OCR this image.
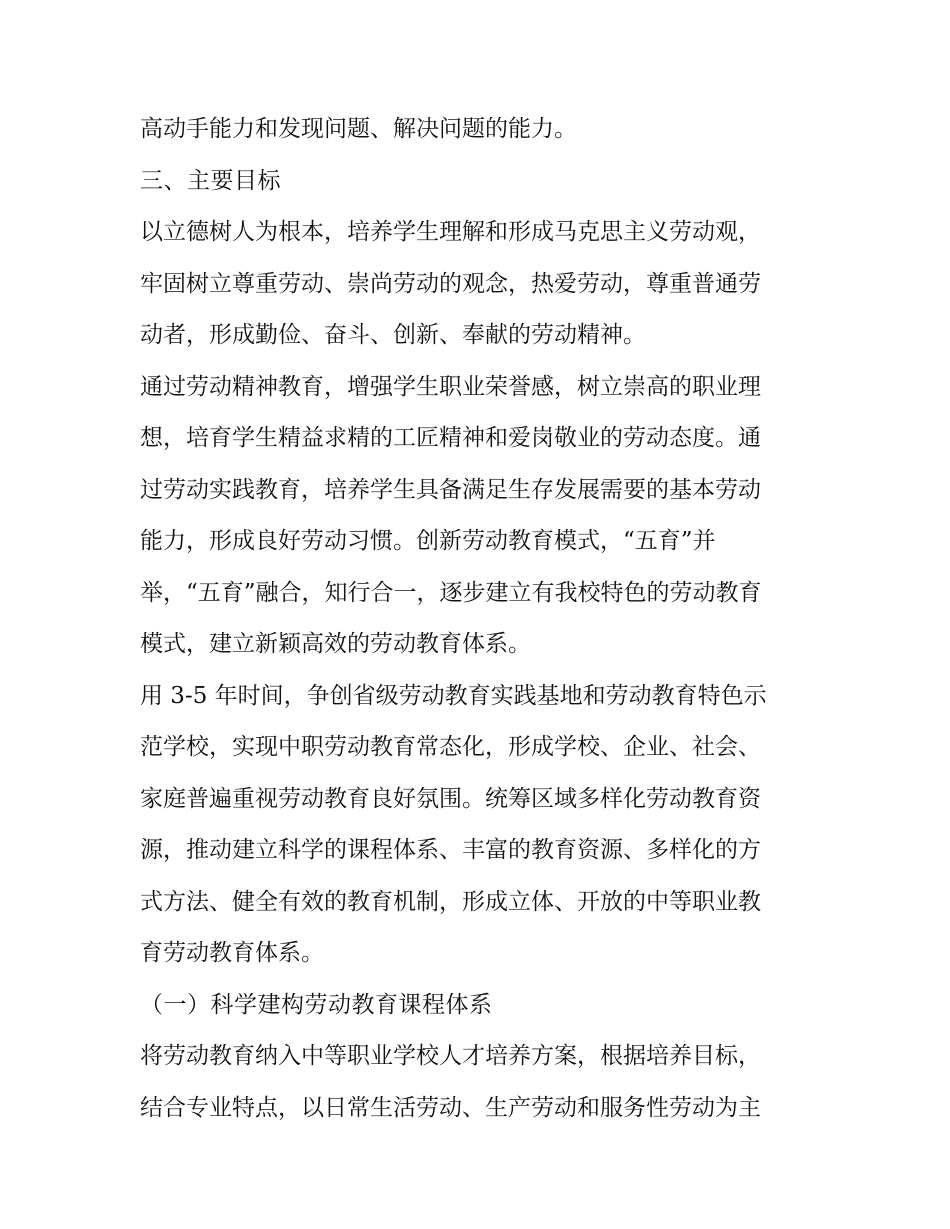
高动手能力和发现问题、解决问题的能力。
三、主要目标
以立德树人为根本，培养学生理解和形成马克思主义劳动观，
牢固树立尊重劳动、崇尚劳动的观念，热爱劳动，尊重普通劳
动者，形成勤俭、奋斗、创新、奉献的劳动精神。
通过劳动精神教育，增强学生职业荣誉感，树立崇高的职业理
想，培育学生精益求精的工匠精神和爱岗敬业的劳动态度。通
过劳动实践教育，培养学生具备满足生存发展需要的基本劳动
能力，形成良好劳动习惯。创新劳动教育模式，“五育”并
举，“五育”融合，知行合一，逐步建立有我校特色的劳动教育
模式，建立新颖高效的劳动教育体系。
用 3-5 年时间，争创省级劳动教育实践基地和劳动教育特色示
范学校，实现中职劳动教育常态化，形成学校、企业、社会、
家庭普遍重视劳动教育良好氛围。统筹区域多样化劳动教育资
源，推动建立科学的课程体系、丰富的教育资源、多样化的方
式方法、健全有效的教育机制，形成立体、开放的中等职业教
育劳动教育体系。
（一）科学建构劳动教育课程体系
将劳动教育纳入中等职业学校人才培养方案，根据培养目标，
结合专业特点，以日常生活劳动、生产劳动和服务性劳动为主
